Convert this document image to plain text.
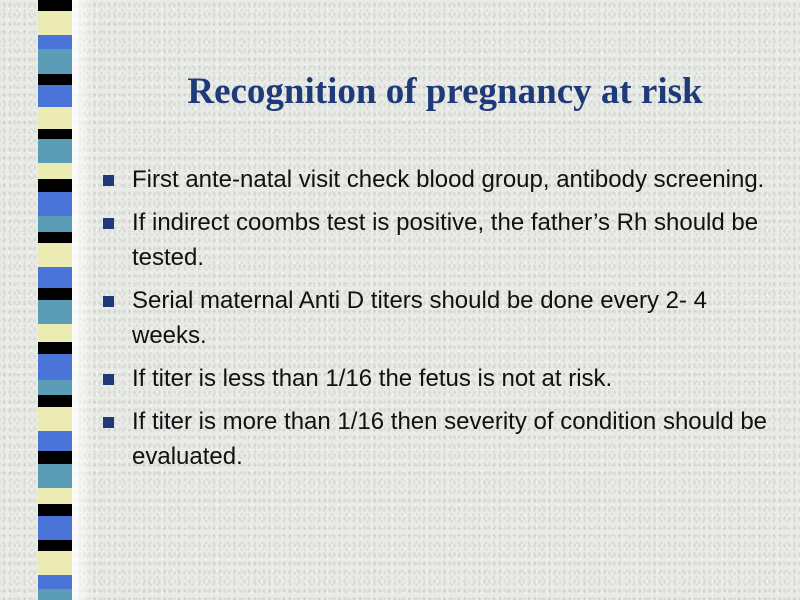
Recognition of pregnancy at risk
First ante-natal visit check blood group, antibody screening.
If indirect coombs test is positive, the father’s Rh should be tested.
Serial maternal Anti D titers should be done every 2- 4 weeks.
If titer is less than 1/16 the fetus is not at risk.
If titer is more than 1/16 then severity of condition should be evaluated.
